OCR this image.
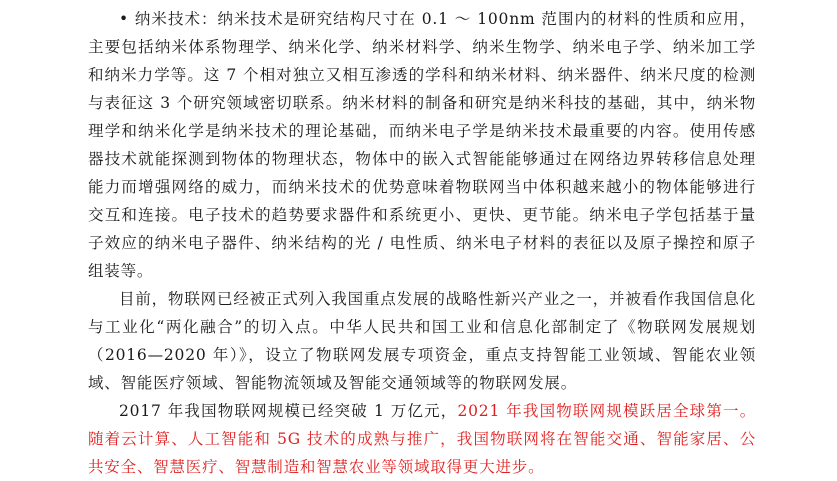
• 纳米技术：纳米技术是研究结构尺寸在 0.1 ～ 100nm 范围内的材料的性质和应用，主要包括纳米体系物理学、纳米化学、纳米材料学、纳米生物学、纳米电子学、纳米加工学和纳米力学等。这 7 个相对独立又相互渗透的学科和纳米材料、纳米器件、纳米尺度的检测与表征这 3 个研究领域密切联系。纳米材料的制备和研究是纳米科技的基础，其中，纳米物理学和纳米化学是纳米技术的理论基础，而纳米电子学是纳米技术最重要的内容。使用传感器技术就能探测到物体的物理状态，物体中的嵌入式智能能够通过在网络边界转移信息处理能力而增强网络的威力，而纳米技术的优势意味着物联网当中体积越来越小的物体能够进行交互和连接。电子技术的趋势要求器件和系统更小、更快、更节能。纳米电子学包括基于量子效应的纳米电子器件、纳米结构的光 / 电性质、纳米电子材料的表征以及原子操控和原子组装等。

目前，物联网已经被正式列入我国重点发展的战略性新兴产业之一，并被看作我国信息化与工业化“两化融合”的切入点。中华人民共和国工业和信息化部制定了《物联网发展规划（2016—2020 年）》，设立了物联网发展专项资金，重点支持智能工业领域、智能农业领域、智能医疗领域、智能物流领域及智能交通领域等的物联网发展。

2017 年我国物联网规模已经突破 1 万亿元，2021 年我国物联网规模跃居全球第一。随着云计算、人工智能和 5G 技术的成熟与推广，我国物联网将在智能交通、智能家居、公共安全、智慧医疗、智慧制造和智慧农业等领域取得更大进步。
